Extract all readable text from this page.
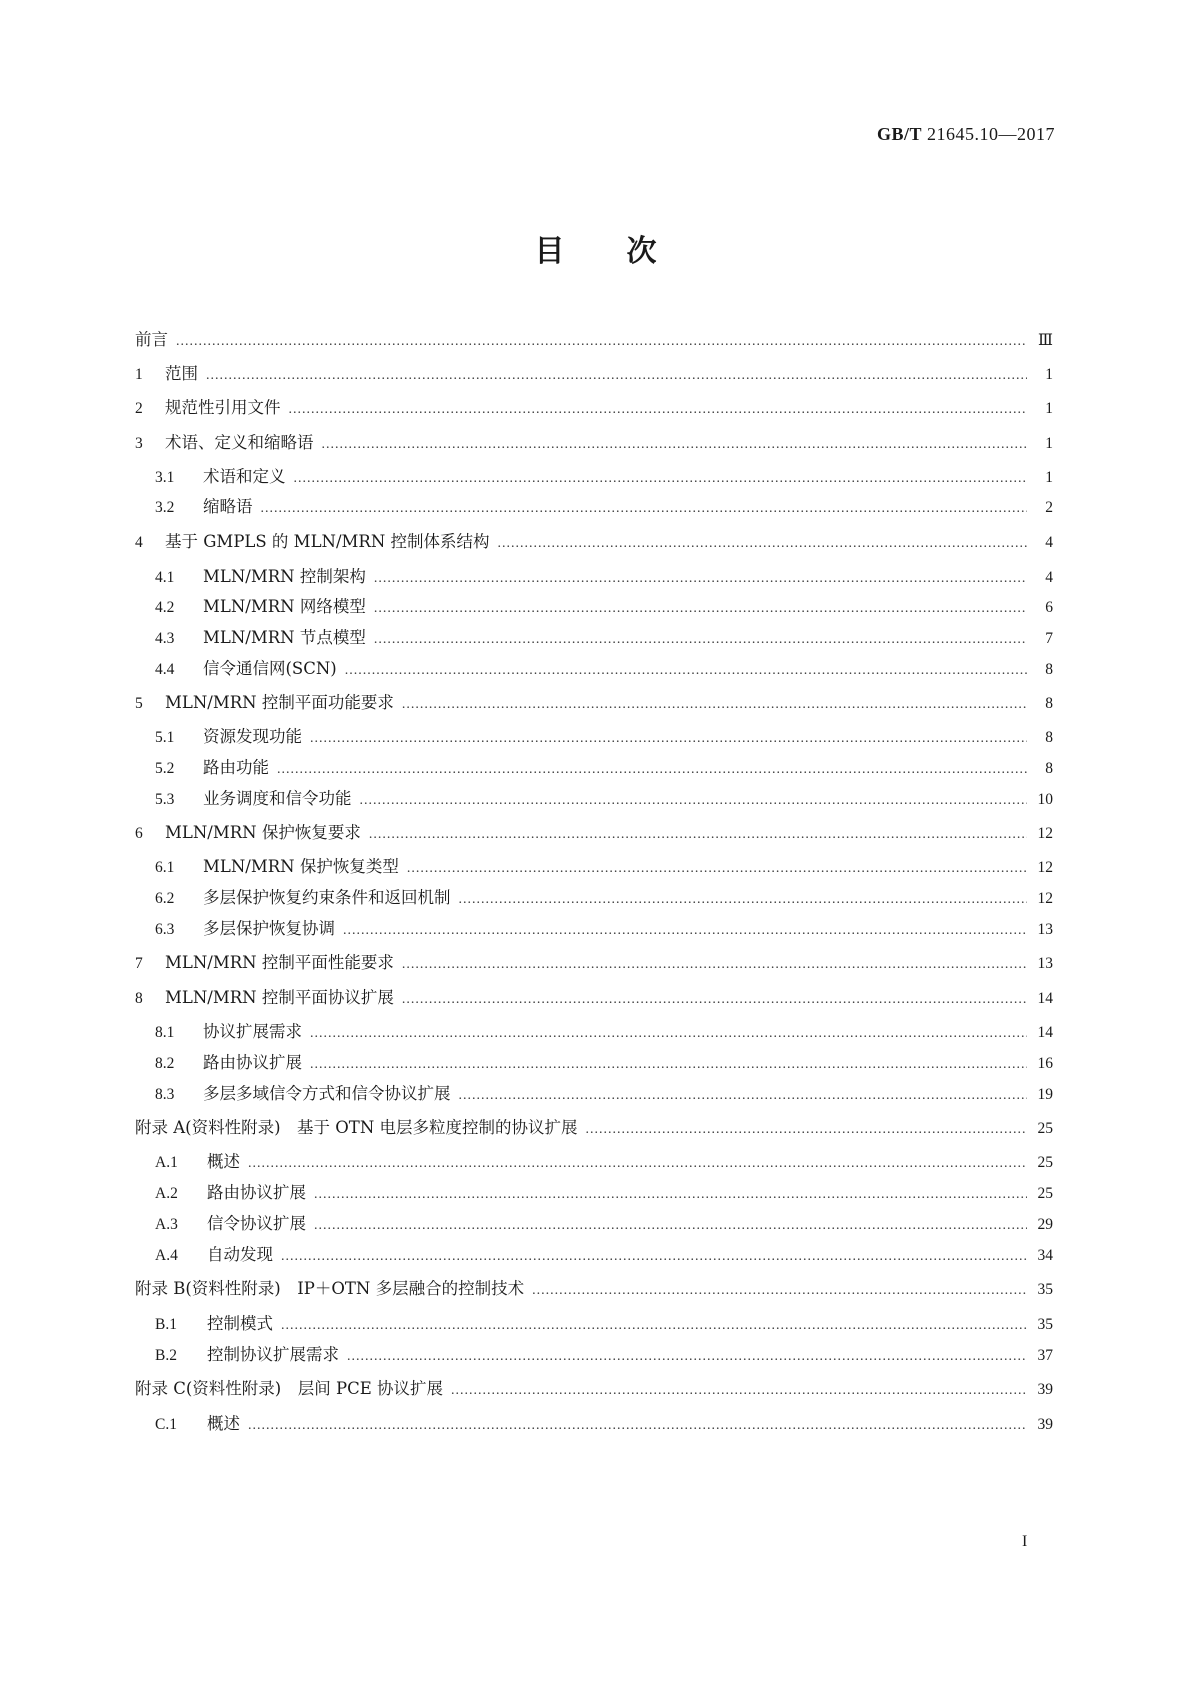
GB/T 21645.10—2017
目次
前言 .....	Ⅲ
1	范围 .....	1
2	规范性引用文件 .....	1
3	术语、定义和缩略语 .....	1
3.1	术语和定义 .....	1
3.2	缩略语 .....	2
4	基于 GMPLS 的 MLN/MRN 控制体系结构 .....	4
4.1	MLN/MRN 控制架构 .....	4
4.2	MLN/MRN 网络模型 .....	6
4.3	MLN/MRN 节点模型 .....	7
4.4	信令通信网(SCN) .....	8
5	MLN/MRN 控制平面功能要求 .....	8
5.1	资源发现功能 .....	8
5.2	路由功能 .....	8
5.3	业务调度和信令功能 .....	10
6	MLN/MRN 保护恢复要求 .....	12
6.1	MLN/MRN 保护恢复类型 .....	12
6.2	多层保护恢复约束条件和返回机制 .....	12
6.3	多层保护恢复协调 .....	13
7	MLN/MRN 控制平面性能要求 .....	13
8	MLN/MRN 控制平面协议扩展 .....	14
8.1	协议扩展需求 .....	14
8.2	路由协议扩展 .....	16
8.3	多层多域信令方式和信令协议扩展 .....	19
附录 A(资料性附录)　基于 OTN 电层多粒度控制的协议扩展 .....	25
A.1	概述 .....	25
A.2	路由协议扩展 .....	25
A.3	信令协议扩展 .....	29
A.4	自动发现 .....	34
附录 B(资料性附录)　IP＋OTN 多层融合的控制技术 .....	35
B.1	控制模式 .....	35
B.2	控制协议扩展需求 .....	37
附录 C(资料性附录)　层间 PCE 协议扩展 .....	39
C.1	概述 .....	39
I
